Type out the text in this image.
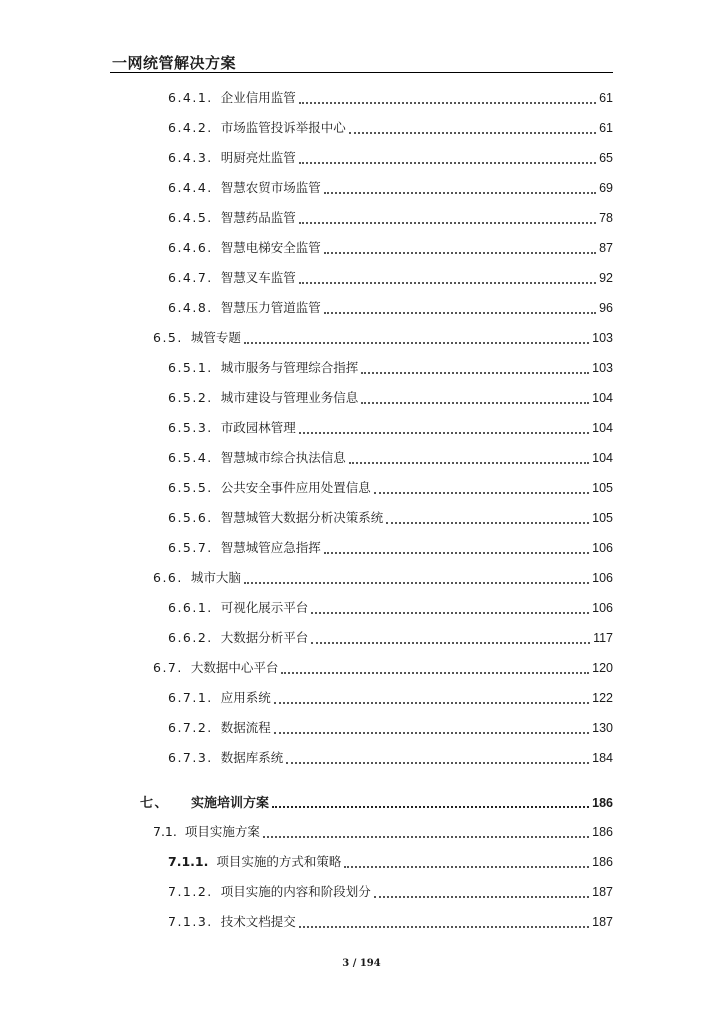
一网统管解决方案
6.4.1. 企业信用监管	61
6.4.2. 市场监管投诉举报中心	61
6.4.3. 明厨亮灶监管	65
6.4.4. 智慧农贸市场监管	69
6.4.5. 智慧药品监管	78
6.4.6. 智慧电梯安全监管	87
6.4.7. 智慧叉车监管	92
6.4.8. 智慧压力管道监管	96
6.5. 城管专题	103
6.5.1. 城市服务与管理综合指挥	103
6.5.2. 城市建设与管理业务信息	104
6.5.3. 市政园林管理	104
6.5.4. 智慧城市综合执法信息	104
6.5.5. 公共安全事件应用处置信息	105
6.5.6. 智慧城管大数据分析决策系统	105
6.5.7. 智慧城管应急指挥	106
6.6. 城市大脑	106
6.6.1. 可视化展示平台	106
6.6.2. 大数据分析平台	117
6.7. 大数据中心平台	120
6.7.1. 应用系统	122
6.7.2. 数据流程	130
6.7.3. 数据库系统	184
七、 实施培训方案	186
7.1. 项目实施方案	186
7.1.1. 项目实施的方式和策略	186
7.1.2. 项目实施的内容和阶段划分	187
7.1.3. 技术文档提交	187
3 / 194
